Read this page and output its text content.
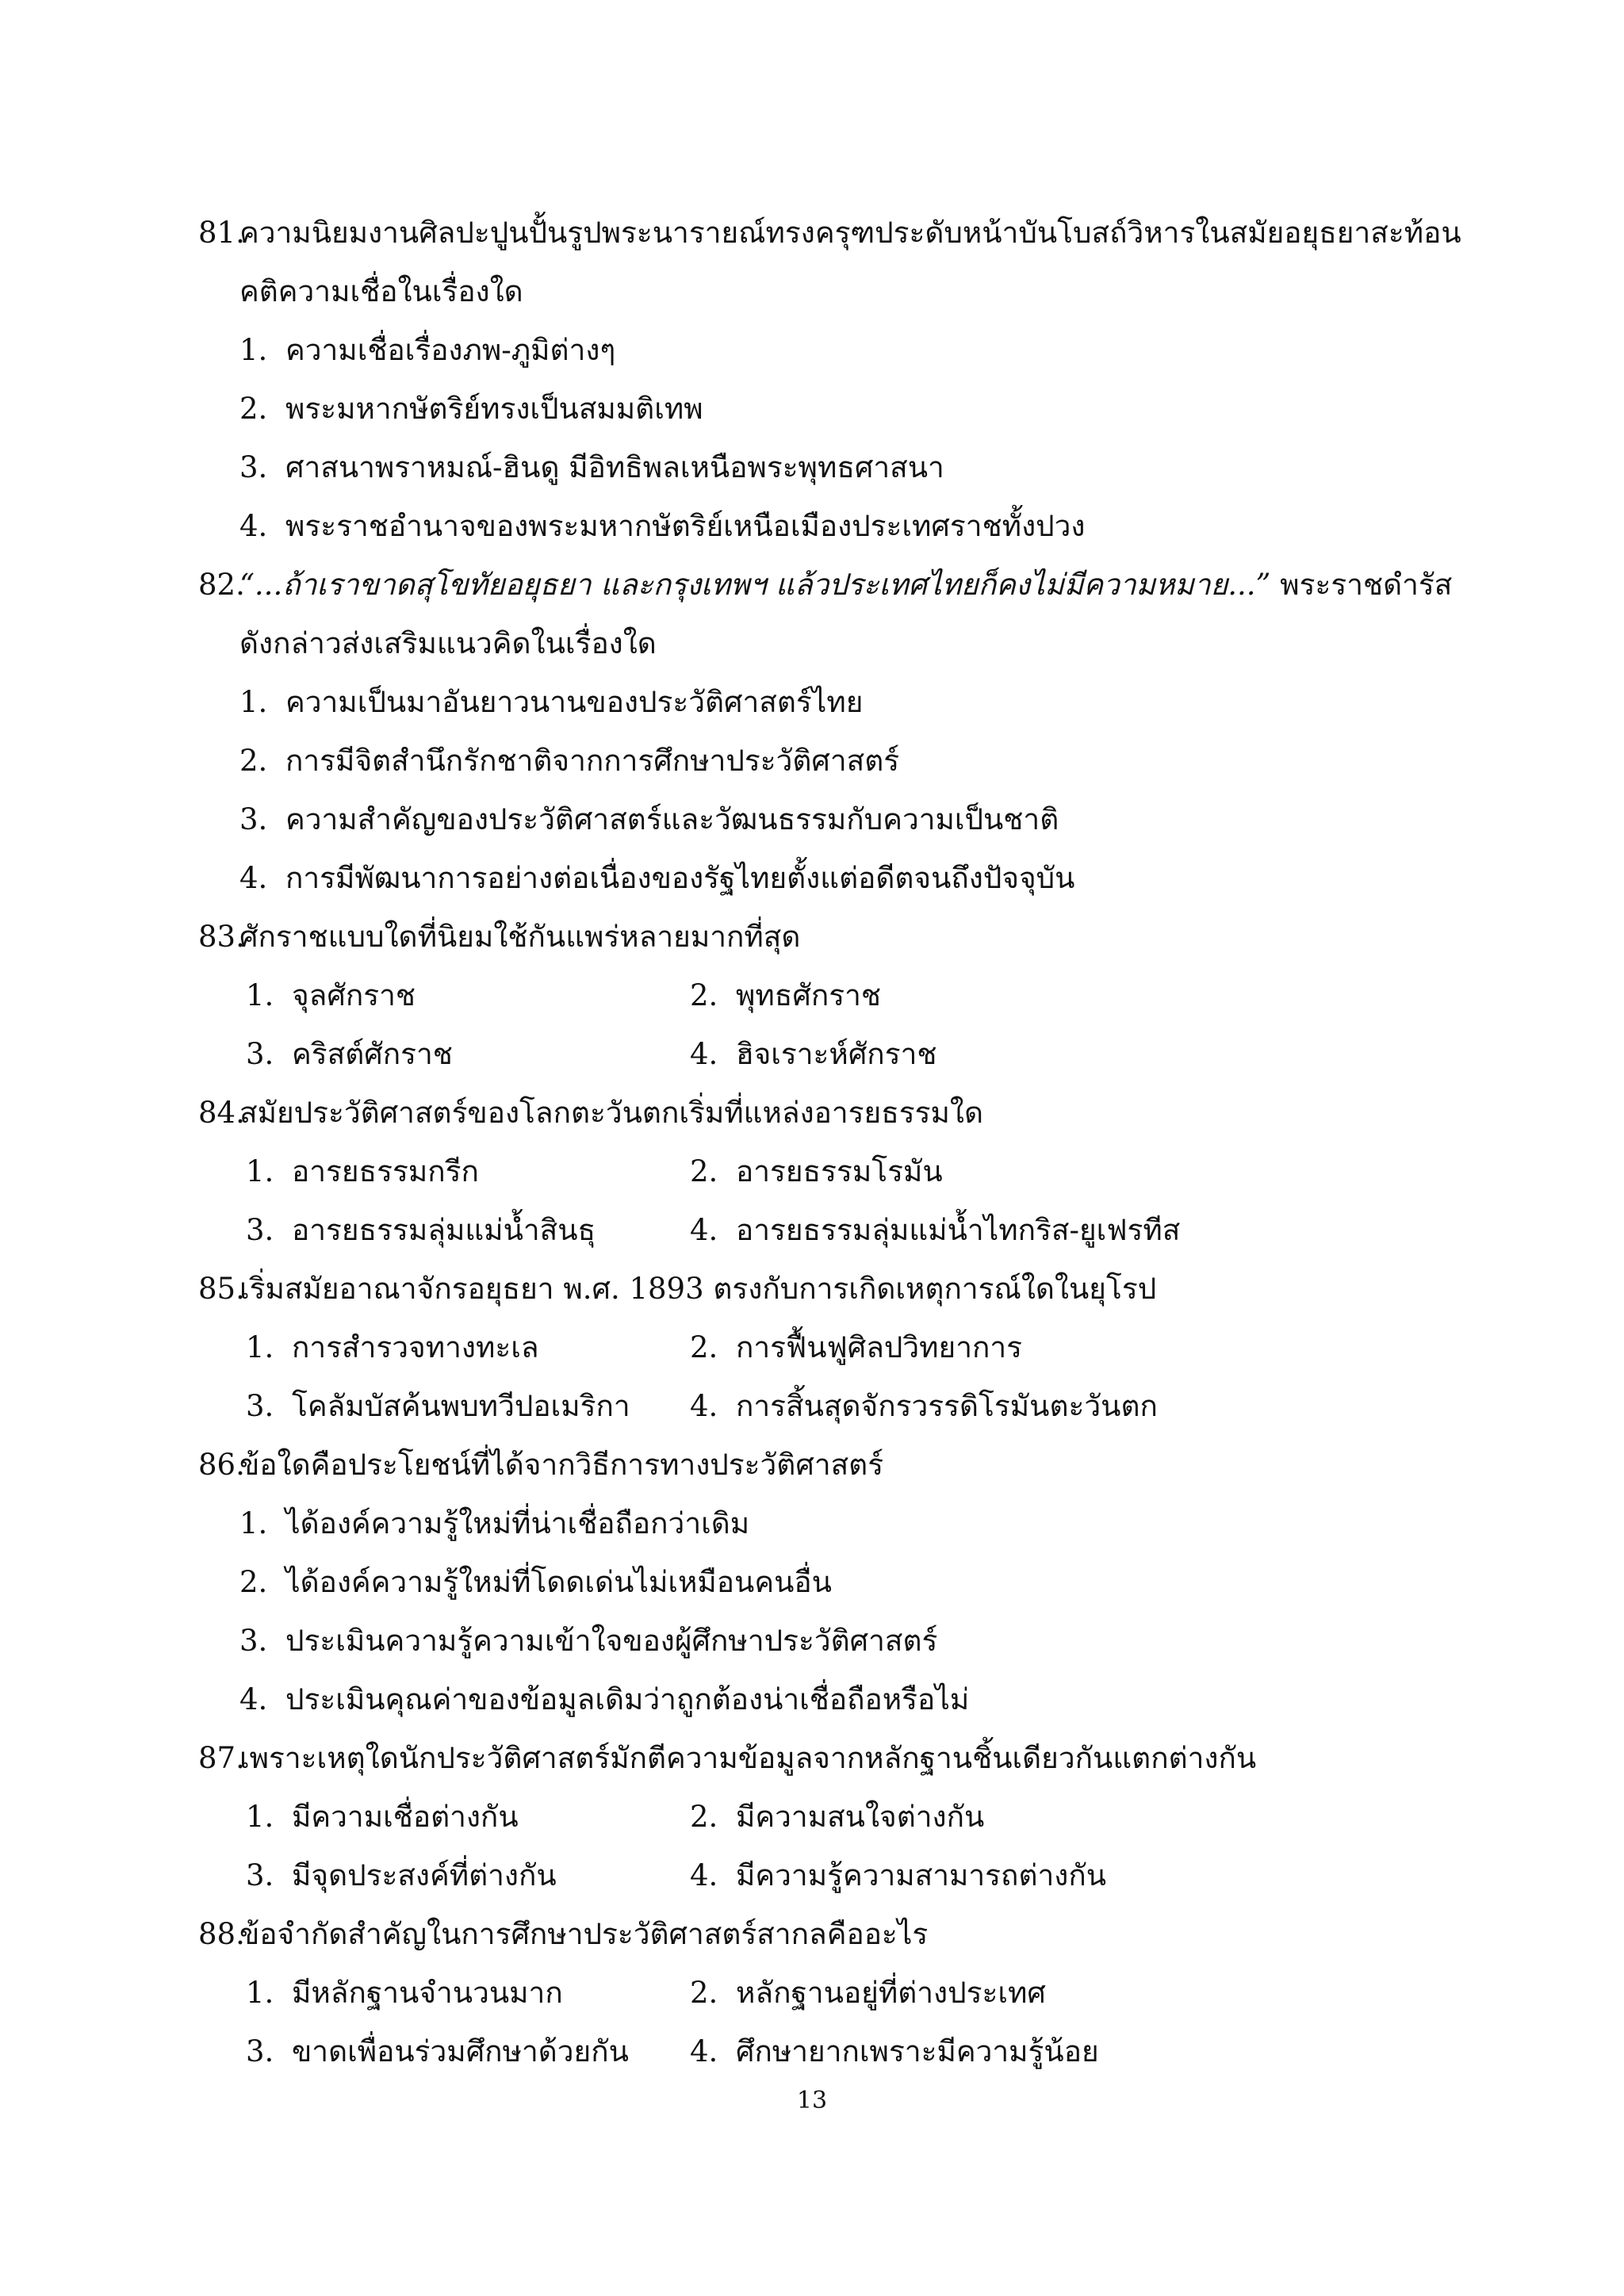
81.ความนิยมงานศิลปะปูนปั้นรูปพระนารายณ์ทรงครุฑประดับหน้าบันโบสถ์วิหารในสมัยอยุธยาสะท้อน
คติความเชื่อในเรื่องใด
1. ความเชื่อเรื่องภพ-ภูมิต่างๆ
2. พระมหากษัตริย์ทรงเป็นสมมติเทพ
3. ศาสนาพราหมณ์-ฮินดู มีอิทธิพลเหนือพระพุทธศาสนา
4. พระราชอำนาจของพระมหากษัตริย์เหนือเมืองประเทศราชทั้งปวง
82.“...ถ้าเราขาดสุโขทัยอยุธยา และกรุงเทพฯ แล้วประเทศไทยก็คงไม่มีความหมาย...” พระราชดำรัส
ดังกล่าวส่งเสริมแนวคิดในเรื่องใด
1. ความเป็นมาอันยาวนานของประวัติศาสตร์ไทย
2. การมีจิตสำนึกรักชาติจากการศึกษาประวัติศาสตร์
3. ความสำคัญของประวัติศาสตร์และวัฒนธรรมกับความเป็นชาติ
4. การมีพัฒนาการอย่างต่อเนื่องของรัฐไทยตั้งแต่อดีตจนถึงปัจจุบัน
83.ศักราชแบบใดที่นิยมใช้กันแพร่หลายมากที่สุด
1. จุลศักราช	2. พุทธศักราช
3. คริสต์ศักราช	4. ฮิจเราะห์ศักราช
84.สมัยประวัติศาสตร์ของโลกตะวันตกเริ่มที่แหล่งอารยธรรมใด
1. อารยธรรมกรีก	2. อารยธรรมโรมัน
3. อารยธรรมลุ่มแม่น้ำสินธุ	4. อารยธรรมลุ่มแม่น้ำไทกริส-ยูเฟรทีส
85.เริ่มสมัยอาณาจักรอยุธยา พ.ศ. 1893 ตรงกับการเกิดเหตุการณ์ใดในยุโรป
1. การสำรวจทางทะเล	2. การฟื้นฟูศิลปวิทยาการ
3. โคลัมบัสค้นพบทวีปอเมริกา 4. การสิ้นสุดจักรวรรดิโรมันตะวันตก
86.ข้อใดคือประโยชน์ที่ได้จากวิธีการทางประวัติศาสตร์
1. ได้องค์ความรู้ใหม่ที่น่าเชื่อถือกว่าเดิม
2. ได้องค์ความรู้ใหม่ที่โดดเด่นไม่เหมือนคนอื่น
3. ประเมินความรู้ความเข้าใจของผู้ศึกษาประวัติศาสตร์
4. ประเมินคุณค่าของข้อมูลเดิมว่าถูกต้องน่าเชื่อถือหรือไม่
87.เพราะเหตุใดนักประวัติศาสตร์มักตีความข้อมูลจากหลักฐานชิ้นเดียวกันแตกต่างกัน
1. มีความเชื่อต่างกัน	2. มีความสนใจต่างกัน
3. มีจุดประสงค์ที่ต่างกัน	4. มีความรู้ความสามารถต่างกัน
88.ข้อจำกัดสำคัญในการศึกษาประวัติศาสตร์สากลคืออะไร
1. มีหลักฐานจำนวนมาก	2. หลักฐานอยู่ที่ต่างประเทศ
3. ขาดเพื่อนร่วมศึกษาด้วยกัน 4. ศึกษายากเพราะมีความรู้น้อย
13
